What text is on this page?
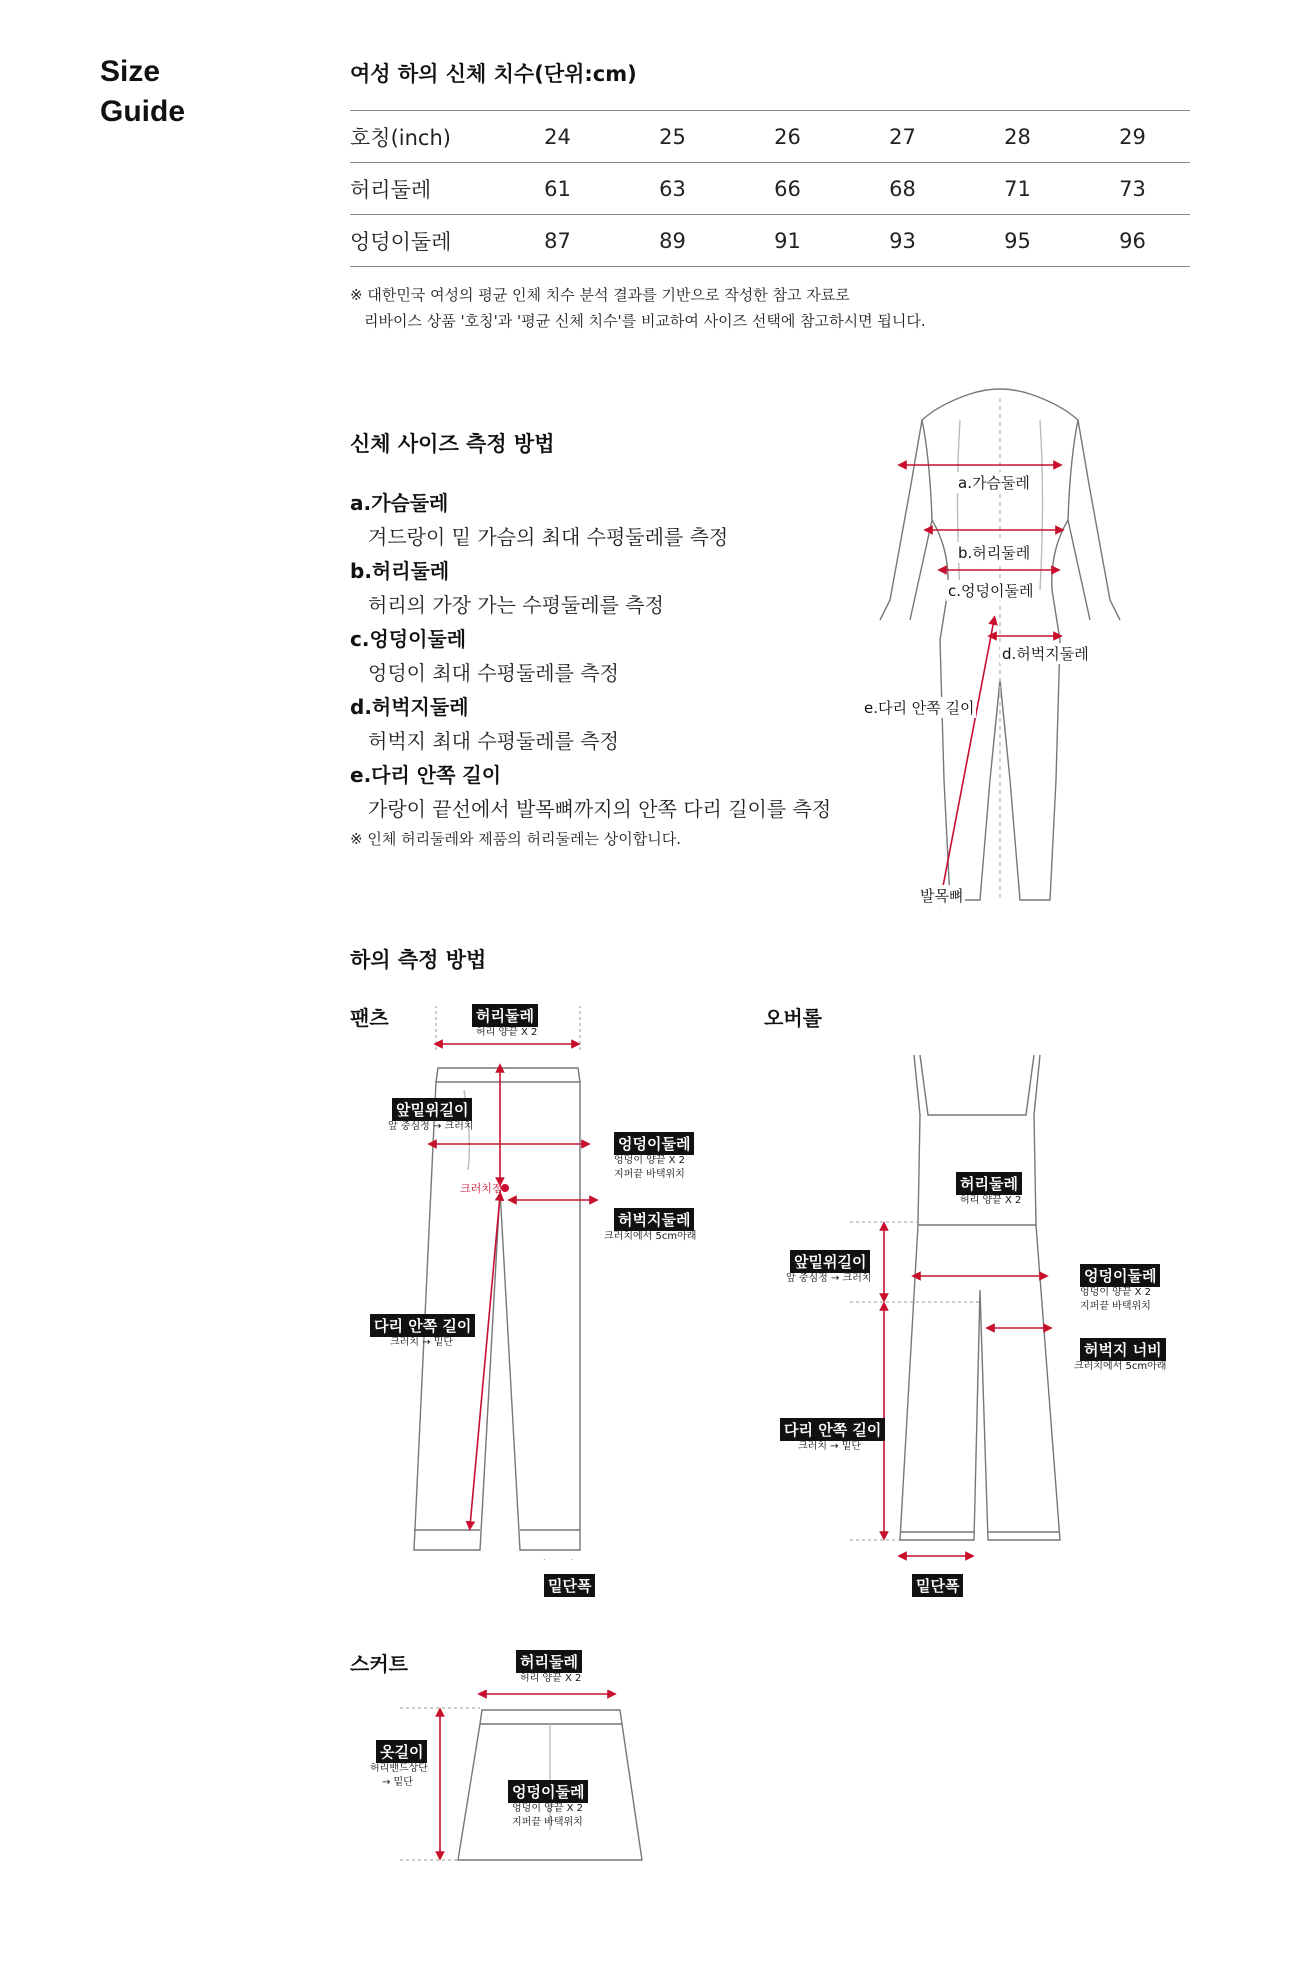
Size
Guide
여성 하의 신체 치수(단위:cm)
호칭(inch)	24	25	26	27	28	29
허리둘레	61	63	66	68	71	73
엉덩이둘레	87	89	91	93	95	96
※ 대한민국 여성의 평균 인체 치수 분석 결과를 기반으로 작성한 참고 자료로
리바이스 상품 '호칭'과 '평균 신체 치수'를 비교하여 사이즈 선택에 참고하시면 됩니다.
신체 사이즈 측정 방법
a.가슴둘레
겨드랑이 밑 가슴의 최대 수평둘레를 측정
b.허리둘레
허리의 가장 가는 수평둘레를 측정
c.엉덩이둘레
엉덩이 최대 수평둘레를 측정
d.허벅지둘레
허벅지 최대 수평둘레를 측정
e.다리 안쪽 길이
가랑이 끝선에서 발목뼈까지의 안쪽 다리 길이를 측정
※ 인체 허리둘레와 제품의 허리둘레는 상이합니다.
a.가슴둘레
b.허리둘레
c.엉덩이둘레
d.허벅지둘레
e.다리 안쪽 길이
발목뼈
하의 측정 방법
팬츠	허리둘레
허리 양끝 X 2
앞밑위길이
앞 중심정 → 크러치
엉덩이둘레
엉덩이 양끝 X 2
지퍼끝 바택위치
크러치점
허벅지둘레
크러치에서 5cm아래
다리 안쪽 길이
크러치 → 밑단
밑단폭
오버롤
허리둘레
허리 양끝 X 2
앞밑위길이
앞 중심정 → 크러치	엉덩이둘레
엉덩이 양끝 X 2
지퍼끝 바택위치
허벅지 너비
크러치에서 5cm아래
다리 안쪽 길이
크러치 → 밑단
밑단폭
스커트	허리둘레
허리 양끝 X 2
옷길이
허리밴드상단
→ 밑단
엉덩이둘레
엉덩이 양끝 X 2
지퍼끝 바택위치
